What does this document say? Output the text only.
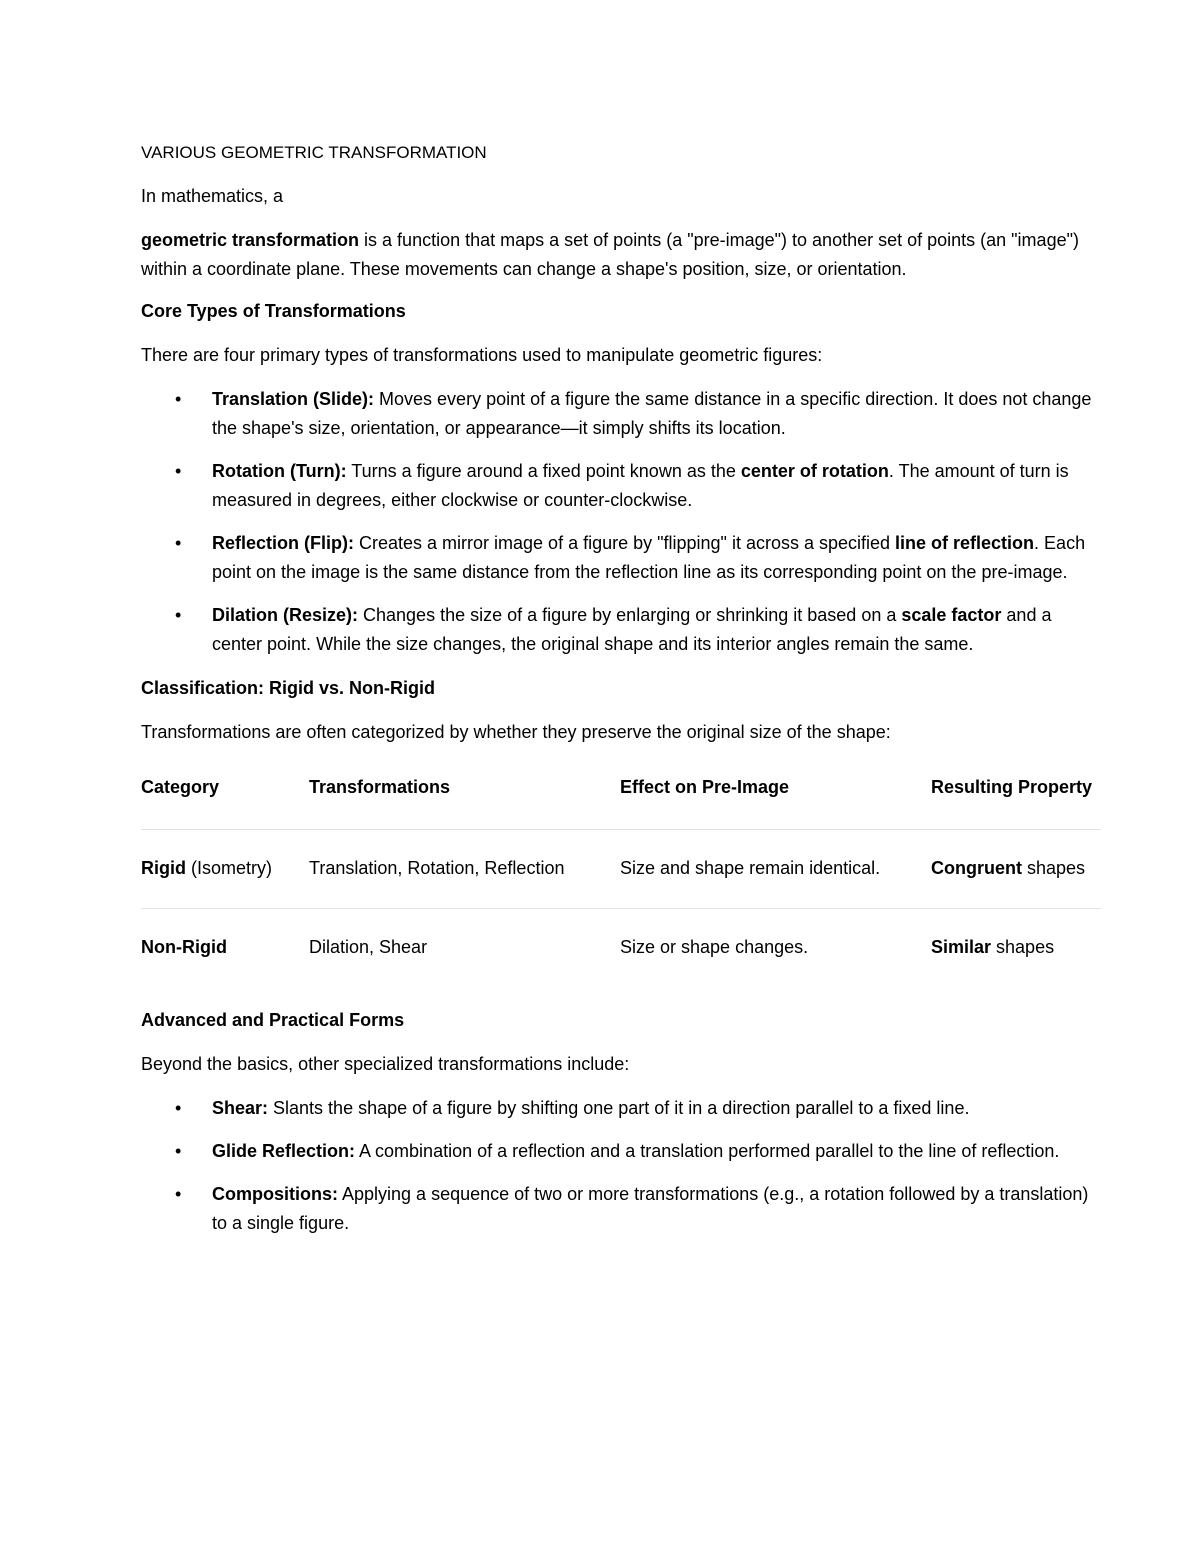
VARIOUS GEOMETRIC TRANSFORMATION

In mathematics, a

geometric transformation is a function that maps a set of points (a "pre-image") to another set of points (an "image") within a coordinate plane. These movements can change a shape's position, size, or orientation.

Core Types of Transformations

There are four primary types of transformations used to manipulate geometric figures:

• Translation (Slide): Moves every point of a figure the same distance in a specific direction. It does not change the shape's size, orientation, or appearance—it simply shifts its location.
• Rotation (Turn): Turns a figure around a fixed point known as the center of rotation. The amount of turn is measured in degrees, either clockwise or counter-clockwise.
• Reflection (Flip): Creates a mirror image of a figure by "flipping" it across a specified line of reflection. Each point on the image is the same distance from the reflection line as its corresponding point on the pre-image.
• Dilation (Resize): Changes the size of a figure by enlarging or shrinking it based on a scale factor and a center point. While the size changes, the original shape and its interior angles remain the same.
Classification: Rigid vs. Non-Rigid

Transformations are often categorized by whether they preserve the original size of the shape:

Category	Transformations	Effect on Pre-Image	Resulting Property
Rigid (Isometry)	Translation, Rotation, Reflection	Size and shape remain identical.	Congruent shapes
Non-Rigid	Dilation, Shear	Size or shape changes.	Similar shapes
Advanced and Practical Forms

Beyond the basics, other specialized transformations include:

• Shear: Slants the shape of a figure by shifting one part of it in a direction parallel to a fixed line.
• Glide Reflection: A combination of a reflection and a translation performed parallel to the line of reflection.
• Compositions: Applying a sequence of two or more transformations (e.g., a rotation followed by a translation) to a single figure.
